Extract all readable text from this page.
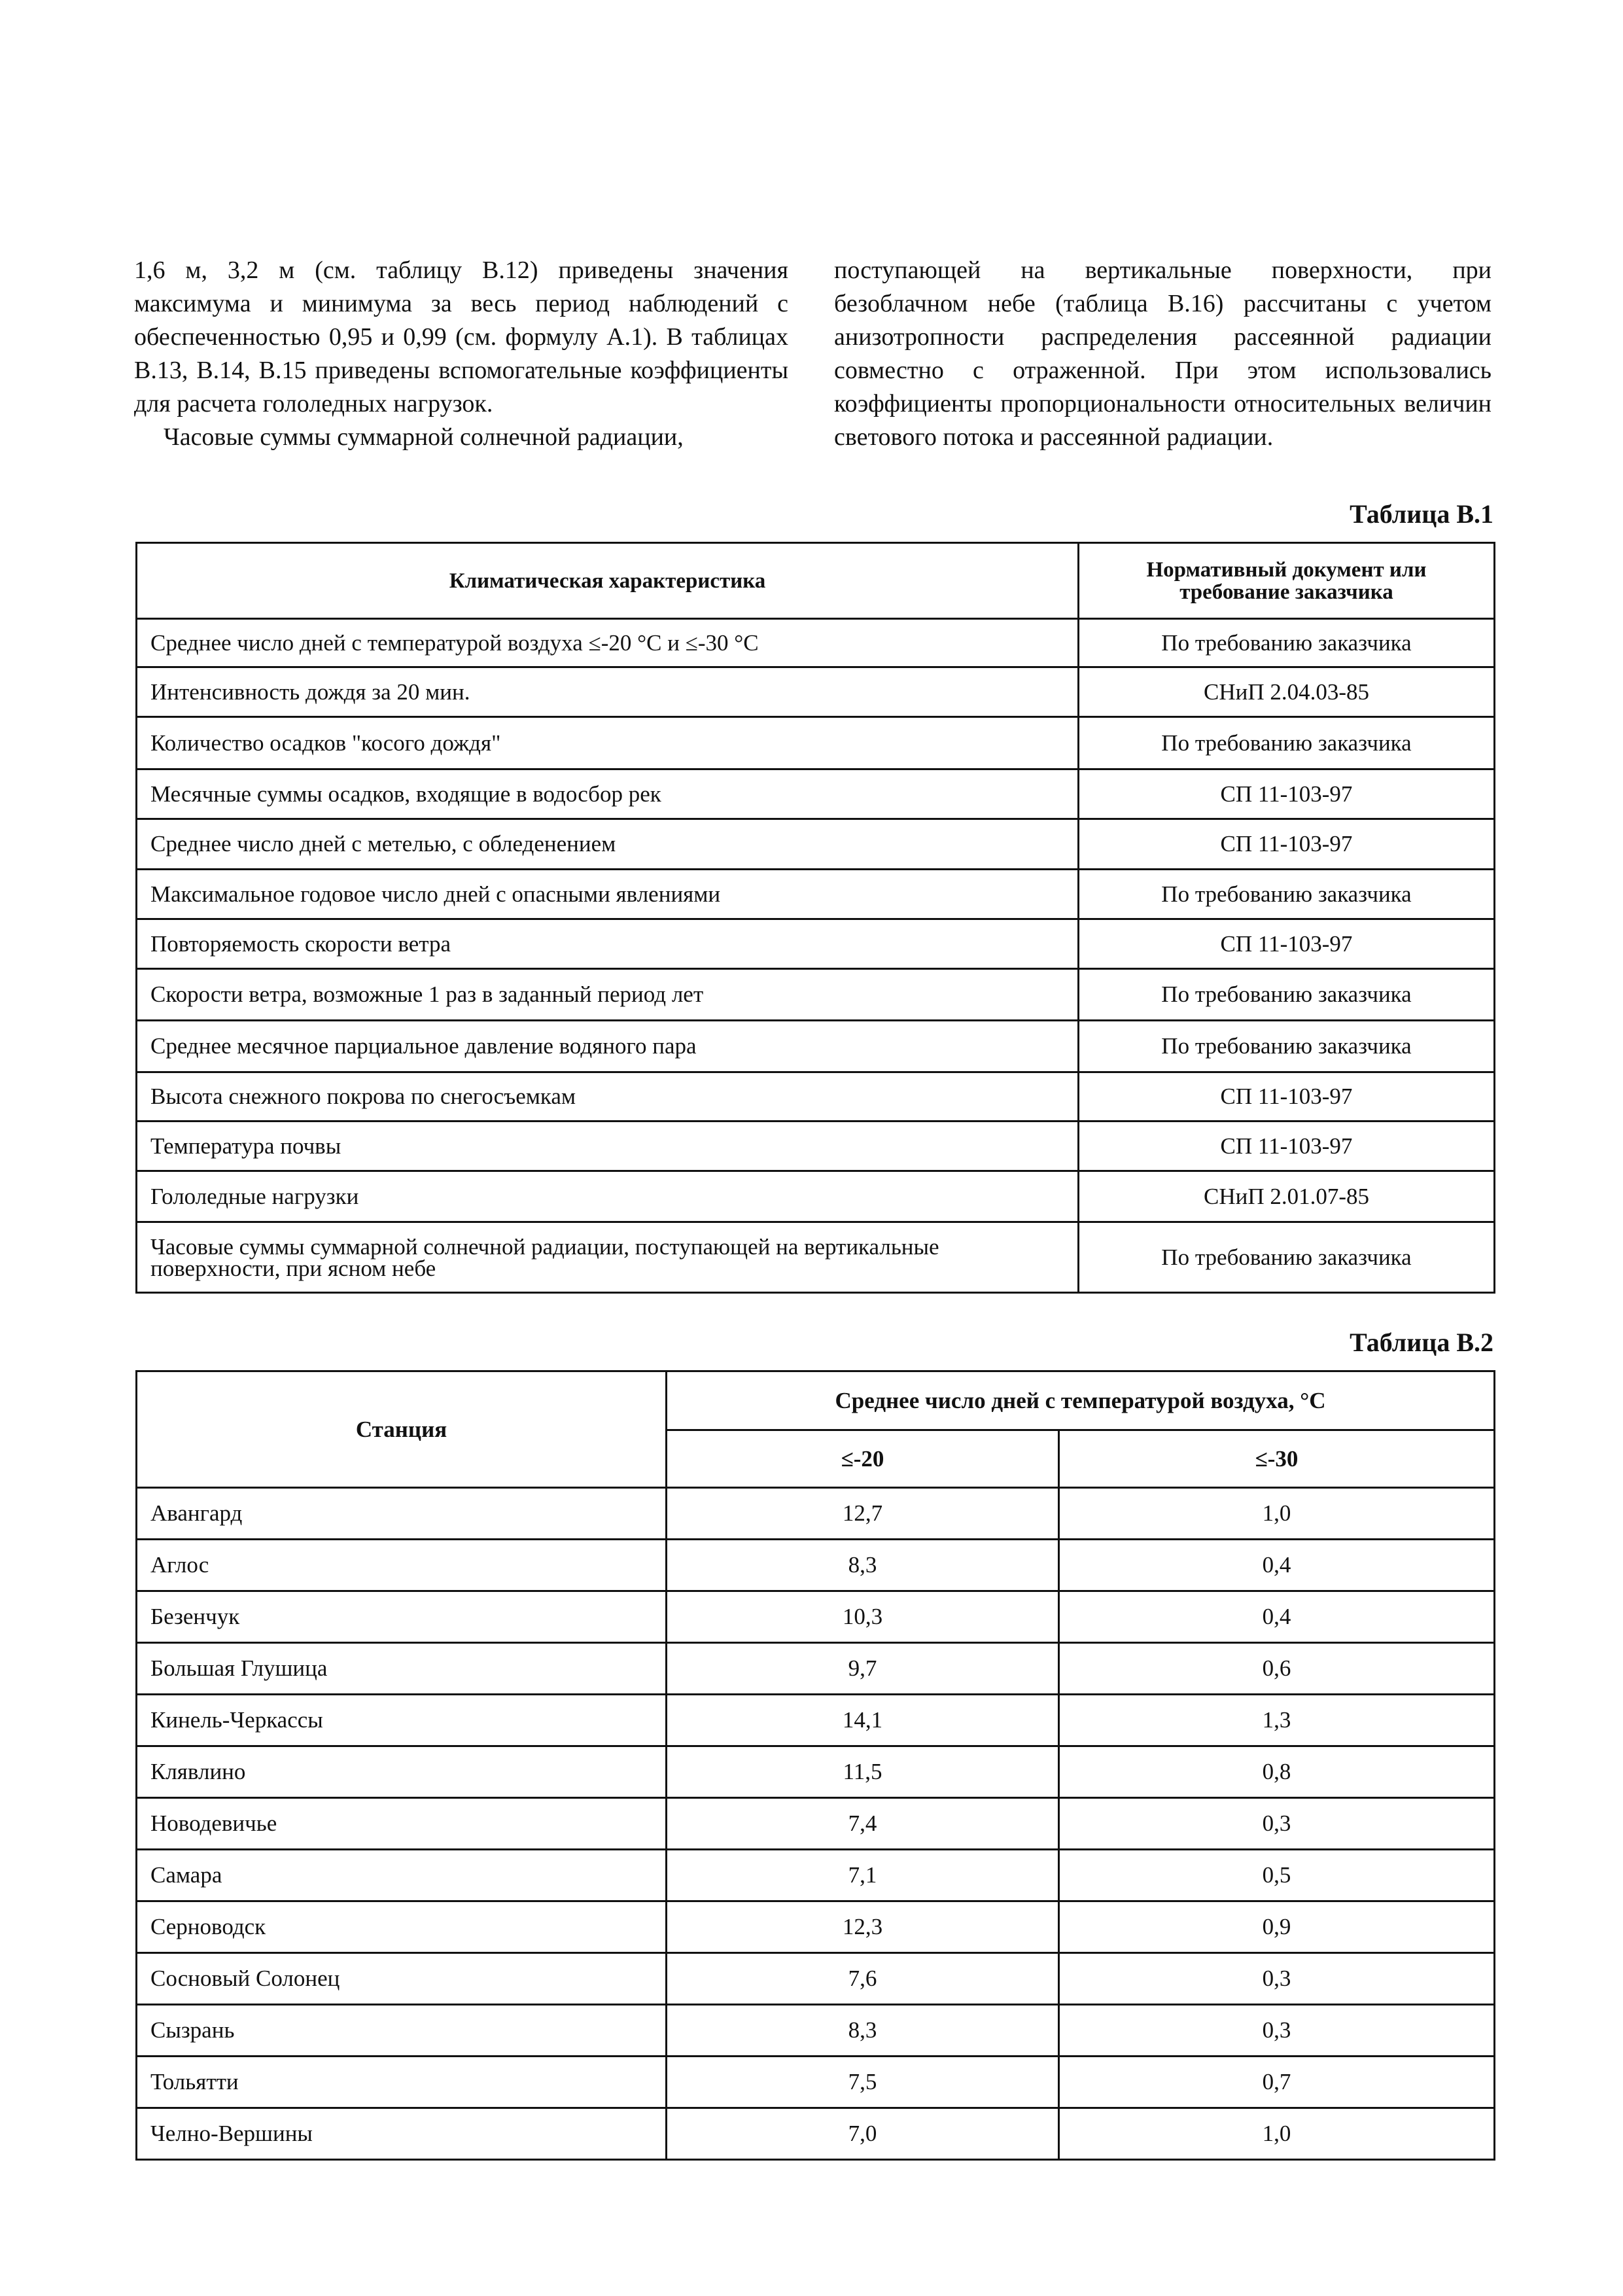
1,6 м, 3,2 м (см. таблицу В.12) приведены значения максимума и минимума за весь период наблюдений с обеспеченностью 0,95 и 0,99 (см. формулу А.1). В таблицах В.13, В.14, В.15 приведены вспомогательные коэффициенты для расчета гололедных нагрузок.

Часовые суммы суммарной солнечной радиации,

поступающей на вертикальные поверхности, при безоблачном небе (таблица В.16) рассчитаны с учетом анизотропности распределения рассеянной радиации совместно с отраженной. При этом использовались коэффициенты пропорциональности относительных величин светового потока и рассеянной радиации.

Таблица В.1
Климатическая характеристика	Нормативный документ или требование заказчика
Среднее число дней с температурой воздуха ≤-20 °С и ≤-30 °С	По требованию заказчика
Интенсивность дождя за 20 мин.	СНиП 2.04.03-85
Количество осадков "косого дождя"	По требованию заказчика
Месячные суммы осадков, входящие в водосбор рек	СП 11-103-97
Среднее число дней с метелью, с обледенением	СП 11-103-97
Максимальное годовое число дней с опасными явлениями	По требованию заказчика
Повторяемость скорости ветра	СП 11-103-97
Скорости ветра, возможные 1 раз в заданный период лет	По требованию заказчика
Среднее месячное парциальное давление водяного пара	По требованию заказчика
Высота снежного покрова по снегосъемкам	СП 11-103-97
Температура почвы	СП 11-103-97
Гололедные нагрузки	СНиП 2.01.07-85
Часовые суммы суммарной солнечной радиации, поступающей на вертикальные поверхности, при ясном небе	По требованию заказчика
Таблица В.2
Станция	Среднее число дней с температурой воздуха, °С	
	≤-20	≤-30
Авангард	12,7	1,0
Аглос	8,3	0,4
Безенчук	10,3	0,4
Большая Глушица	9,7	0,6
Кинель-Черкассы	14,1	1,3
Клявлино	11,5	0,8
Новодевичье	7,4	0,3
Самара	7,1	0,5
Серноводск	12,3	0,9
Сосновый Солонец	7,6	0,3
Сызрань	8,3	0,3
Тольятти	7,5	0,7
Челно-Вершины	7,0	1,0
